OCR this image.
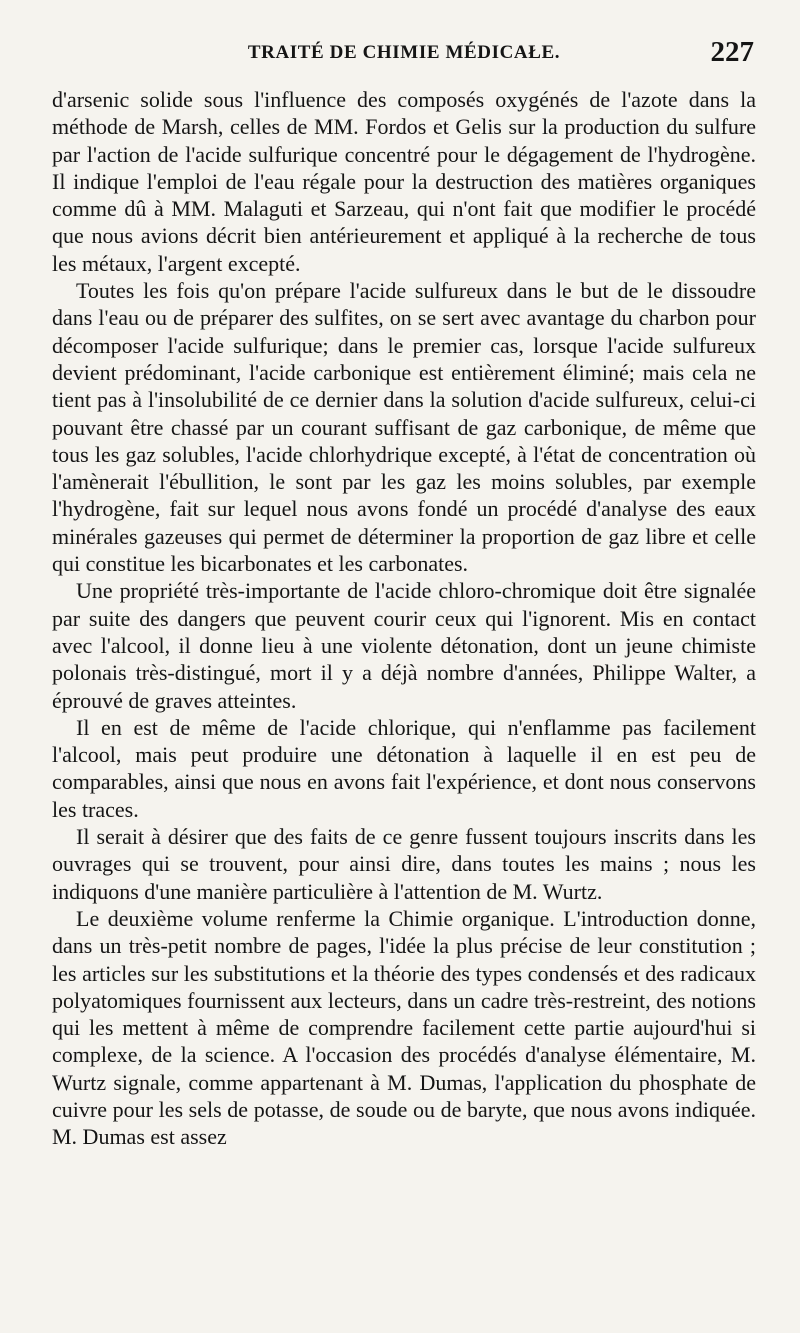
TRAITÉ DE CHIMIE MÉDICAŁE.	227

d'arsenic solide sous l'influence des composés oxygénés de l'azote dans la méthode de Marsh, celles de MM. Fordos et Gelis sur la production du sulfure par l'action de l'acide sulfurique concentré pour le dégagement de l'hydrogène. Il indique l'emploi de l'eau régale pour la destruction des matières organiques comme dû à MM. Malaguti et Sarzeau, qui n'ont fait que modifier le procédé que nous avions décrit bien antérieurement et appliqué à la recherche de tous les métaux, l'argent excepté.

Toutes les fois qu'on prépare l'acide sulfureux dans le but de le dissoudre dans l'eau ou de préparer des sulfites, on se sert avec avantage du charbon pour décomposer l'acide sulfurique; dans le premier cas, lorsque l'acide sulfureux devient prédominant, l'acide carbonique est entièrement éliminé; mais cela ne tient pas à l'insolubilité de ce dernier dans la solution d'acide sulfureux, celui-ci pouvant être chassé par un courant suffisant de gaz carbonique, de même que tous les gaz solubles, l'acide chlorhydrique excepté, à l'état de concentration où l'amènerait l'ébullition, le sont par les gaz les moins solubles, par exemple l'hydrogène, fait sur lequel nous avons fondé un procédé d'analyse des eaux minérales gazeuses qui permet de déterminer la proportion de gaz libre et celle qui constitue les bicarbonates et les carbonates.

Une propriété très-importante de l'acide chloro-chromique doit être signalée par suite des dangers que peuvent courir ceux qui l'ignorent. Mis en contact avec l'alcool, il donne lieu à une violente détonation, dont un jeune chimiste polonais très-distingué, mort il y a déjà nombre d'années, Philippe Walter, a éprouvé de graves atteintes.

Il en est de même de l'acide chlorique, qui n'enflamme pas facilement l'alcool, mais peut produire une détonation à laquelle il en est peu de comparables, ainsi que nous en avons fait l'expérience, et dont nous conservons les traces.

Il serait à désirer que des faits de ce genre fussent toujours inscrits dans les ouvrages qui se trouvent, pour ainsi dire, dans toutes les mains ; nous les indiquons d'une manière particulière à l'attention de M. Wurtz.

Le deuxième volume renferme la Chimie organique. L'introduction donne, dans un très-petit nombre de pages, l'idée la plus précise de leur constitution ; les articles sur les substitutions et la théorie des types condensés et des radicaux polyatomiques fournissent aux lecteurs, dans un cadre très-restreint, des notions qui les mettent à même de comprendre facilement cette partie aujourd'hui si complexe, de la science. A l'occasion des procédés d'analyse élémentaire, M. Wurtz signale, comme appartenant à M. Dumas, l'application du phosphate de cuivre pour les sels de potasse, de soude ou de baryte, que nous avons indiquée. M. Dumas est assez
